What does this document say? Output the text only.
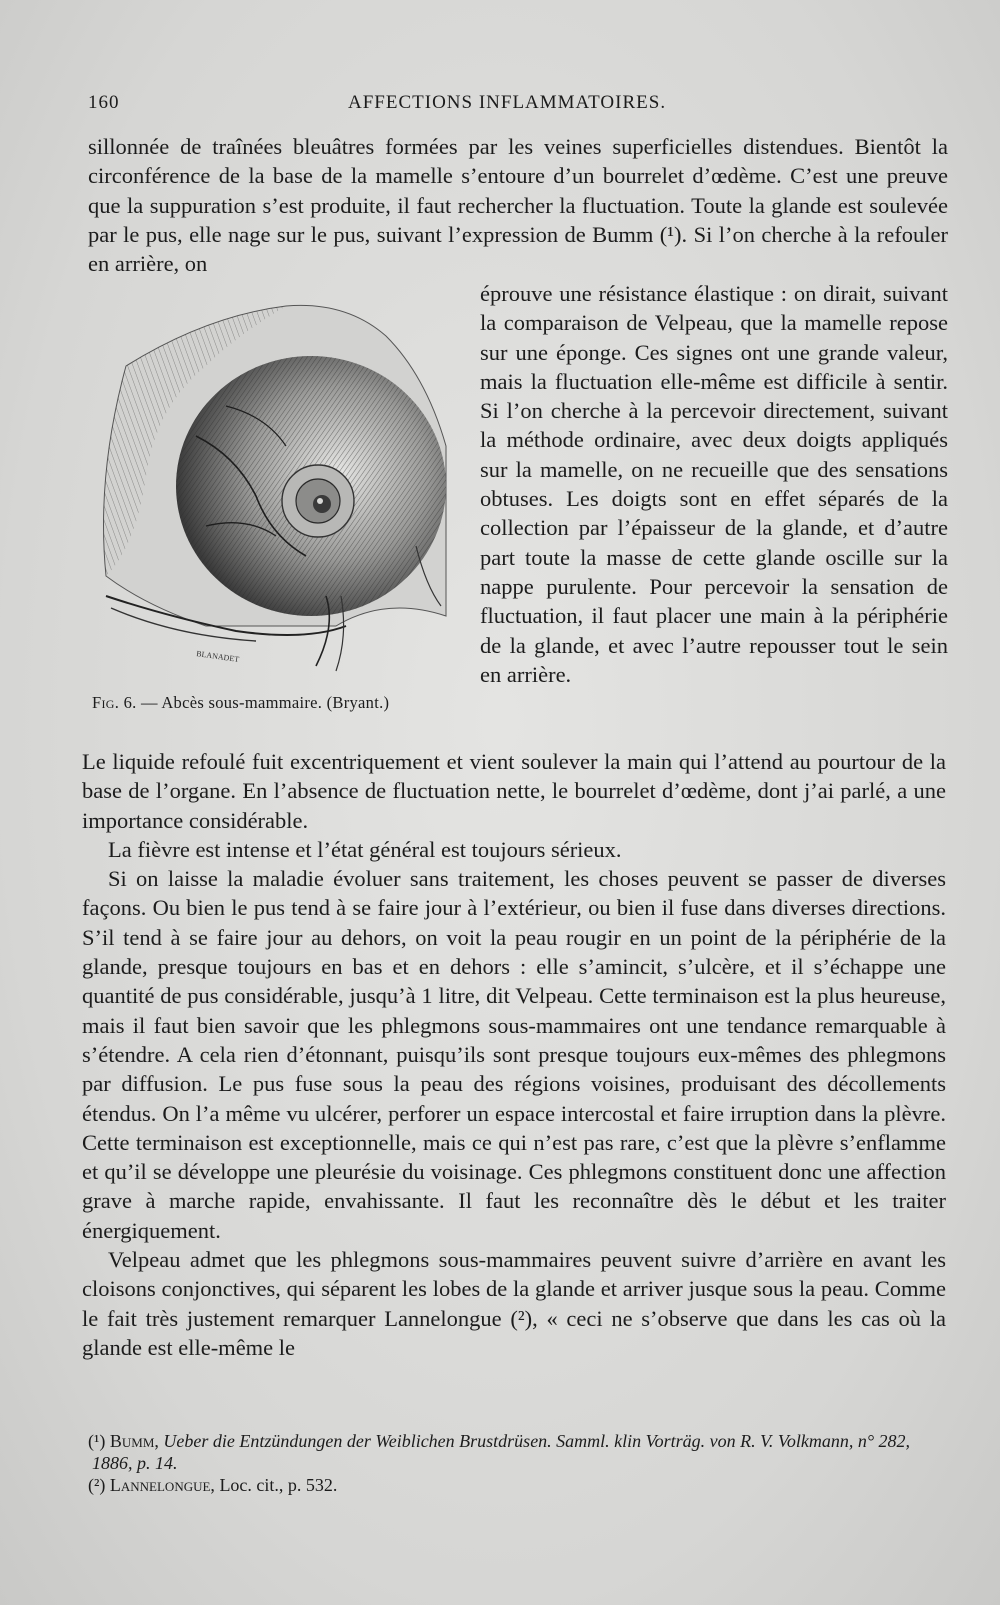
160	AFFECTIONS INFLAMMATOIRES.

sillonnée de traînées bleuâtres formées par les veines superficielles distendues. Bientôt la circonférence de la base de la mamelle s’entoure d’un bourrelet d’œdème. C’est une preuve que la suppuration s’est produite, il faut rechercher la fluctuation. Toute la glande est soulevée par le pus, elle nage sur le pus, suivant l’expression de Bumm (¹). Si l’on cherche à la refouler en arrière, on

BLANADET
Fig. 6. — Abcès sous-mammaire. (Bryant.)

éprouve une résistance élastique : on dirait, suivant la comparaison de Velpeau, que la mamelle repose sur une éponge. Ces signes ont une grande valeur, mais la fluctuation elle-même est difficile à sentir. Si l’on cherche à la percevoir directement, suivant la méthode ordinaire, avec deux doigts appliqués sur la mamelle, on ne recueille que des sensations obtuses. Les doigts sont en effet séparés de la collection par l’épaisseur de la glande, et d’autre part toute la masse de cette glande oscille sur la nappe purulente. Pour percevoir la sensation de fluctuation, il faut placer une main à la périphérie de la glande, et avec l’autre repousser tout le sein en arrière.

Le liquide refoulé fuit excentriquement et vient soulever la main qui l’attend au pourtour de la base de l’organe. En l’absence de fluctuation nette, le bourrelet d’œdème, dont j’ai parlé, a une importance considérable.

La fièvre est intense et l’état général est toujours sérieux.

Si on laisse la maladie évoluer sans traitement, les choses peuvent se passer de diverses façons. Ou bien le pus tend à se faire jour à l’extérieur, ou bien il fuse dans diverses directions. S’il tend à se faire jour au dehors, on voit la peau rougir en un point de la périphérie de la glande, presque toujours en bas et en dehors : elle s’amincit, s’ulcère, et il s’échappe une quantité de pus considérable, jusqu’à 1 litre, dit Velpeau. Cette terminaison est la plus heureuse, mais il faut bien savoir que les phlegmons sous-mammaires ont une tendance remarquable à s’étendre. A cela rien d’étonnant, puisqu’ils sont presque toujours eux-mêmes des phlegmons par diffusion. Le pus fuse sous la peau des régions voisines, produisant des décollements étendus. On l’a même vu ulcérer, perforer un espace intercostal et faire irruption dans la plèvre. Cette terminaison est exceptionnelle, mais ce qui n’est pas rare, c’est que la plèvre s’enflamme et qu’il se développe une pleurésie du voisinage. Ces phlegmons constituent donc une affection grave à marche rapide, envahissante. Il faut les reconnaître dès le début et les traiter énergiquement.

Velpeau admet que les phlegmons sous-mammaires peuvent suivre d’arrière en avant les cloisons conjonctives, qui séparent les lobes de la glande et arriver jusque sous la peau. Comme le fait très justement remarquer Lannelongue (²), « ceci ne s’observe que dans les cas où la glande est elle-même le

(¹) Bumm, Ueber die Entzündungen der Weiblichen Brustdrüsen. Samml. klin Vorträg. von R. V. Volkmann, n° 282, 1886, p. 14.

(²) Lannelongue, Loc. cit., p. 532.
